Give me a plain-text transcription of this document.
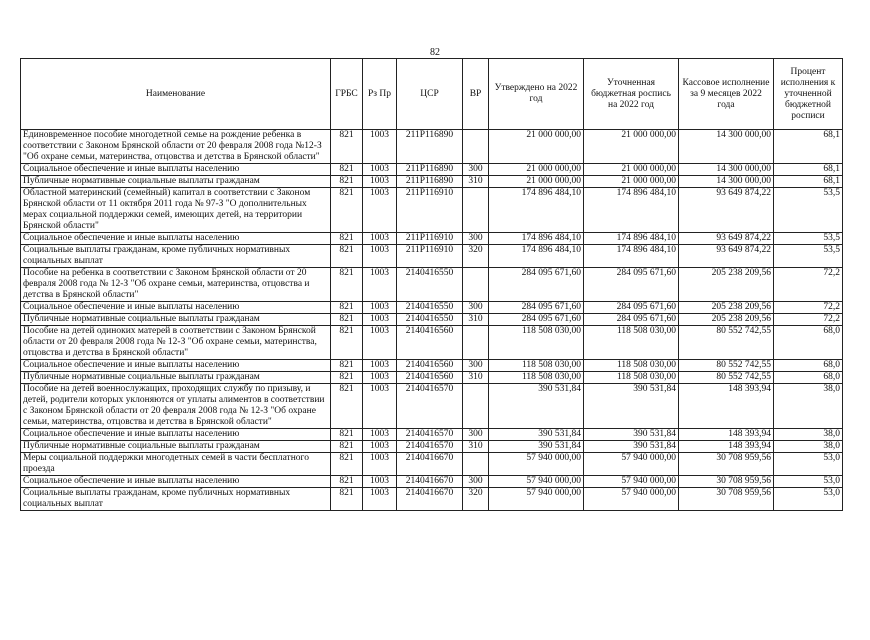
82
Наименование	ГРБС	Рз Пр	ЦСР	ВР	Утверждено на 2022 год	Уточненная бюджетная роспись на 2022 год	Кассовое исполнение за 9 месяцев 2022 года	Процент исполнения к уточненной бюджетной росписи
Единовременное пособие многодетной семье на рождение ребенка в соответствии с Законом Брянской области от 20 февраля 2008 года №12-З "Об охране семьи, материнства, отцовства и детства в Брянской области"	821	1003	211P116890		21 000 000,00	21 000 000,00	14 300 000,00	68,1
Социальное обеспечение и иные выплаты населению	821	1003	211P116890	300	21 000 000,00	21 000 000,00	14 300 000,00	68,1
Публичные нормативные социальные выплаты гражданам	821	1003	211P116890	310	21 000 000,00	21 000 000,00	14 300 000,00	68,1
Областной материнский (семейный) капитал в соответствии с Законом Брянской области от 11 октября 2011 года № 97-З "О дополнительных мерах социальной поддержки семей, имеющих детей, на территории Брянской области"	821	1003	211P116910		174 896 484,10	174 896 484,10	93 649 874,22	53,5
Социальное обеспечение и иные выплаты населению	821	1003	211P116910	300	174 896 484,10	174 896 484,10	93 649 874,22	53,5
Социальные выплаты гражданам, кроме публичных нормативных социальных выплат	821	1003	211P116910	320	174 896 484,10	174 896 484,10	93 649 874,22	53,5
Пособие на ребенка в соответствии с Законом Брянской области от 20 февраля 2008 года № 12-З "Об охране семьи, материнства, отцовства и детства в Брянской области"	821	1003	2140416550		284 095 671,60	284 095 671,60	205 238 209,56	72,2
Социальное обеспечение и иные выплаты населению	821	1003	2140416550	300	284 095 671,60	284 095 671,60	205 238 209,56	72,2
Публичные нормативные социальные выплаты гражданам	821	1003	2140416550	310	284 095 671,60	284 095 671,60	205 238 209,56	72,2
Пособие на детей одиноких матерей в соответствии с Законом Брянской области от 20 февраля 2008 года № 12-З "Об охране семьи, материнства, отцовства и детства в Брянской области"	821	1003	2140416560		118 508 030,00	118 508 030,00	80 552 742,55	68,0
Социальное обеспечение и иные выплаты населению	821	1003	2140416560	300	118 508 030,00	118 508 030,00	80 552 742,55	68,0
Публичные нормативные социальные выплаты гражданам	821	1003	2140416560	310	118 508 030,00	118 508 030,00	80 552 742,55	68,0
Пособие на детей военнослужащих, проходящих службу по призыву, и детей, родители которых уклоняются от уплаты алиментов в соответствии с Законом Брянской области от 20 февраля 2008 года № 12-З "Об охране семьи, материнства, отцовства и детства в Брянской области"	821	1003	2140416570		390 531,84	390 531,84	148 393,94	38,0
Социальное обеспечение и иные выплаты населению	821	1003	2140416570	300	390 531,84	390 531,84	148 393,94	38,0
Публичные нормативные социальные выплаты гражданам	821	1003	2140416570	310	390 531,84	390 531,84	148 393,94	38,0
Меры социальной поддержки многодетных семей в части бесплатного проезда	821	1003	2140416670		57 940 000,00	57 940 000,00	30 708 959,56	53,0
Социальное обеспечение и иные выплаты населению	821	1003	2140416670	300	57 940 000,00	57 940 000,00	30 708 959,56	53,0
Социальные выплаты гражданам, кроме публичных нормативных социальных выплат	821	1003	2140416670	320	57 940 000,00	57 940 000,00	30 708 959,56	53,0
